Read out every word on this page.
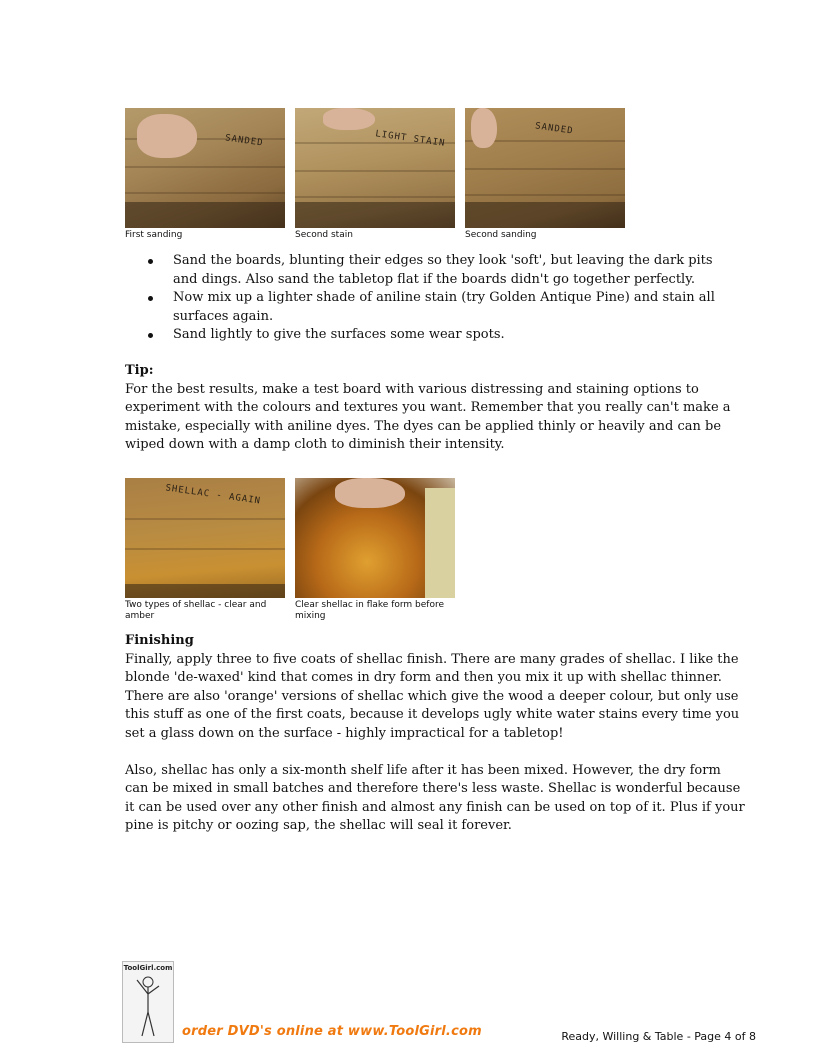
SANDED
First sanding
LIGHT STAIN
Second stain
SANDED
Second sanding
Sand the boards, blunting their edges so they look 'soft', but leaving the dark pits and dings. Also sand the tabletop flat if the boards didn't go together perfectly.
Now mix up a lighter shade of aniline stain (try Golden Antique Pine) and stain all surfaces again.
Sand lightly to give the surfaces some wear spots.
Tip:
For the best results, make a test board with various distressing and staining options to experiment with the colours and textures you want. Remember that you really can't make a mistake, especially with aniline dyes. The dyes can be applied thinly or heavily and can be wiped down with a damp cloth to diminish their intensity.
SHELLAC - AGAIN
Two types of shellac - clear and amber
Clear shellac in flake form before mixing
Finishing
Finally, apply three to five coats of shellac finish. There are many grades of shellac. I like the blonde 'de-waxed' kind that comes in dry form and then you mix it up with shellac thinner. There are also 'orange' versions of shellac which give the wood a deeper colour, but only use this stuff as one of the first coats, because it develops ugly white water stains every time you set a glass down on the surface - highly impractical for a tabletop!
Also, shellac has only a six-month shelf life after it has been mixed. However, the dry form can be mixed in small batches and therefore there's less waste. Shellac is wonderful because it can be used over any other finish and almost any finish can be used on top of it. Plus if your pine is pitchy or oozing sap, the shellac will seal it forever.
ToolGirl.com
order DVD's online at www.ToolGirl.com	Ready, Willing & Table - Page 4 of 8
